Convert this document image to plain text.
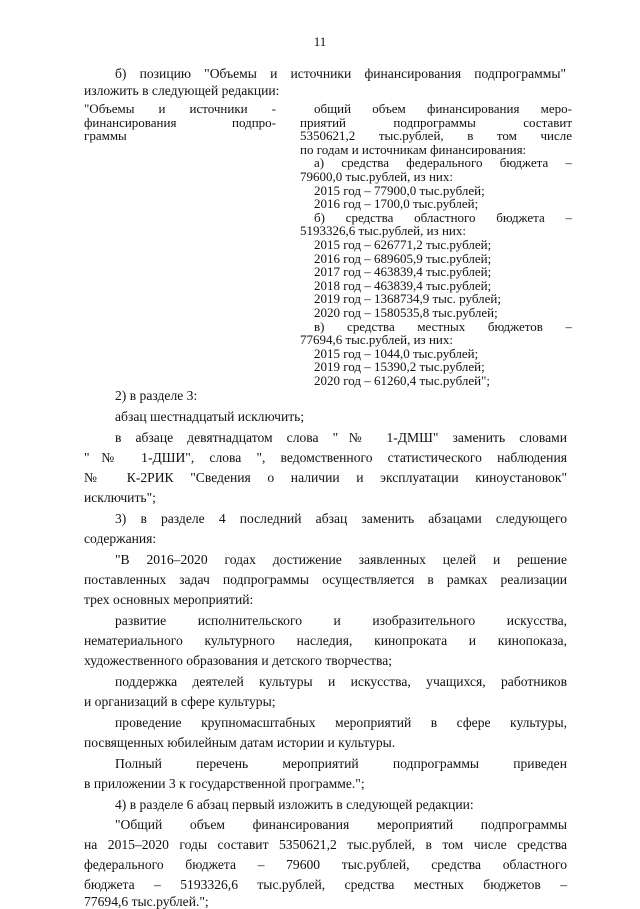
11
б) позицию "Объемы и источники финансирования подпрограммы"
изложить в следующей редакции:
"Объемы и источники -
финансирования подпро-
граммы
общий объем финансирования меро-
приятий подпрограммы составит
5350621,2 тыс.рублей, в том числе
по годам и источникам финансирования:
а) средства федерального бюджета –
79600,0 тыс.рублей, из них:
2015 год – 77900,0 тыс.рублей;
2016 год – 1700,0 тыс.рублей;
б) средства областного бюджета –
5193326,6 тыс.рублей, из них:
2015 год – 626771,2 тыс.рублей;
2016 год – 689605,9 тыс.рублей;
2017 год – 463839,4 тыс.рублей;
2018 год – 463839,4 тыс.рублей;
2019 год – 1368734,9 тыс. рублей;
2020 год – 1580535,8 тыс.рублей;
в) средства местных бюджетов –
77694,6 тыс.рублей, из них:
2015 год – 1044,0 тыс.рублей;
2019 год – 15390,2 тыс.рублей;
2020 год – 61260,4 тыс.рублей";
2) в разделе 3:
абзац шестнадцатый исключить;
в абзаце девятнадцатом слова "№ 1-ДМШ" заменить словами
"№ 1-ДШИ", слова ", ведомственного статистического наблюдения
№ К-2РИК "Сведения о наличии и эксплуатации киноустановок"
исключить";
3) в разделе 4 последний абзац заменить абзацами следующего
содержания:
"В 2016–2020 годах достижение заявленных целей и решение
поставленных задач подпрограммы осуществляется в рамках реализации
трех основных мероприятий:
развитие исполнительского и изобразительного искусства,
нематериального культурного наследия, кинопроката и кинопоказа,
художественного образования и детского творчества;
поддержка деятелей культуры и искусства, учащихся, работников
и организаций в сфере культуры;
проведение крупномасштабных мероприятий в сфере культуры,
посвященных юбилейным датам истории и культуры.
Полный перечень мероприятий подпрограммы приведен
в приложении 3 к государственной программе.";
4) в разделе 6 абзац первый изложить в следующей редакции:
"Общий объем финансирования мероприятий подпрограммы
на 2015–2020 годы составит 5350621,2 тыс.рублей, в том числе средства
федерального бюджета – 79600 тыс.рублей, средства областного
бюджета – 5193326,6 тыс.рублей, средства местных бюджетов –
77694,6 тыс.рублей.";
